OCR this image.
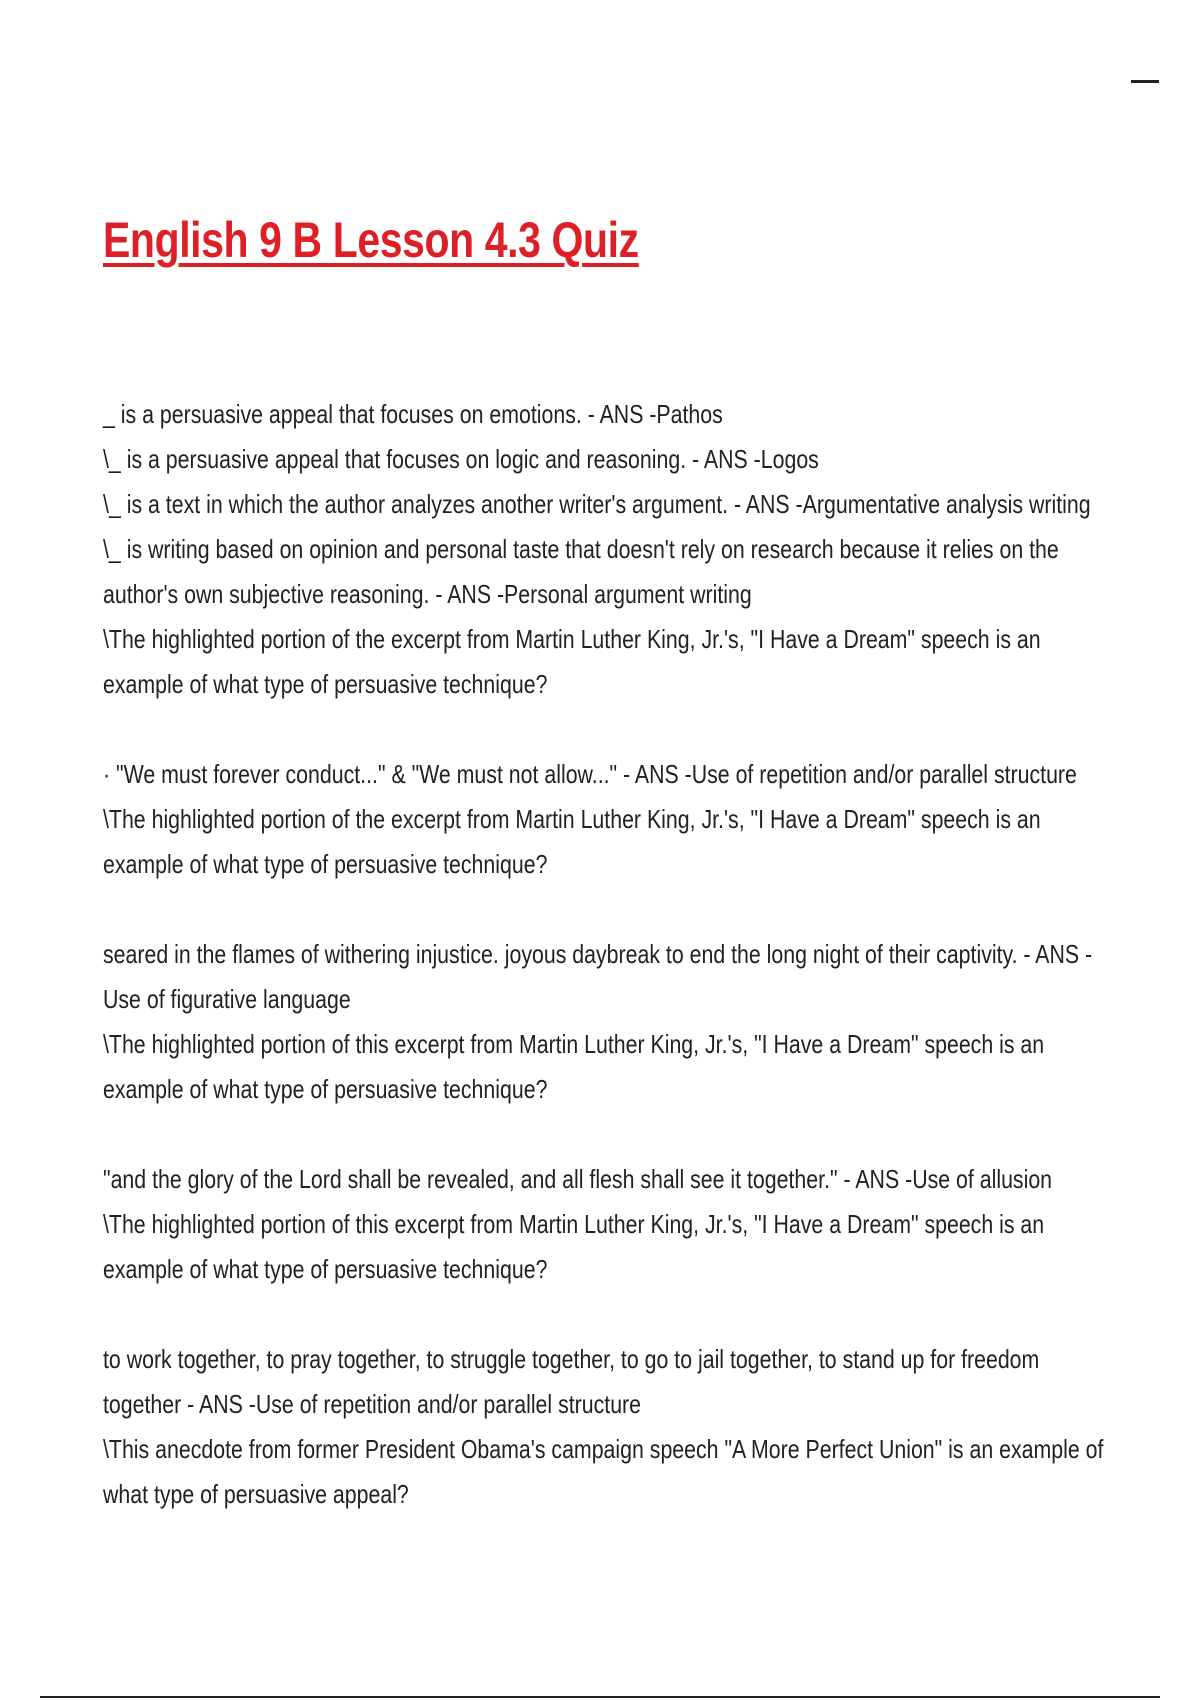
English 9 B Lesson 4.3 Quiz

_ is a persuasive appeal that focuses on emotions. - ANS -Pathos

\_ is a persuasive appeal that focuses on logic and reasoning. - ANS -Logos

\_ is a text in which the author analyzes another writer's argument. - ANS -Argumentative analysis writing

\_ is writing based on opinion and personal taste that doesn't rely on research because it relies on the author's own subjective reasoning. - ANS -Personal argument writing

\The highlighted portion of the excerpt from Martin Luther King, Jr.'s, "I Have a Dream" speech is an example of what type of persuasive technique?

· "We must forever conduct..." & "We must not allow..." - ANS -Use of repetition and/or parallel structure

\The highlighted portion of the excerpt from Martin Luther King, Jr.'s, "I Have a Dream" speech is an example of what type of persuasive technique?

seared in the flames of withering injustice. joyous daybreak to end the long night of their captivity. - ANS -Use of figurative language

\The highlighted portion of this excerpt from Martin Luther King, Jr.'s, "I Have a Dream" speech is an example of what type of persuasive technique?

"and the glory of the Lord shall be revealed, and all flesh shall see it together." - ANS -Use of allusion

\The highlighted portion of this excerpt from Martin Luther King, Jr.'s, "I Have a Dream" speech is an example of what type of persuasive technique?

to work together, to pray together, to struggle together, to go to jail together, to stand up for freedom together - ANS -Use of repetition and/or parallel structure

\This anecdote from former President Obama's campaign speech "A More Perfect Union" is an example of what type of persuasive appeal?
